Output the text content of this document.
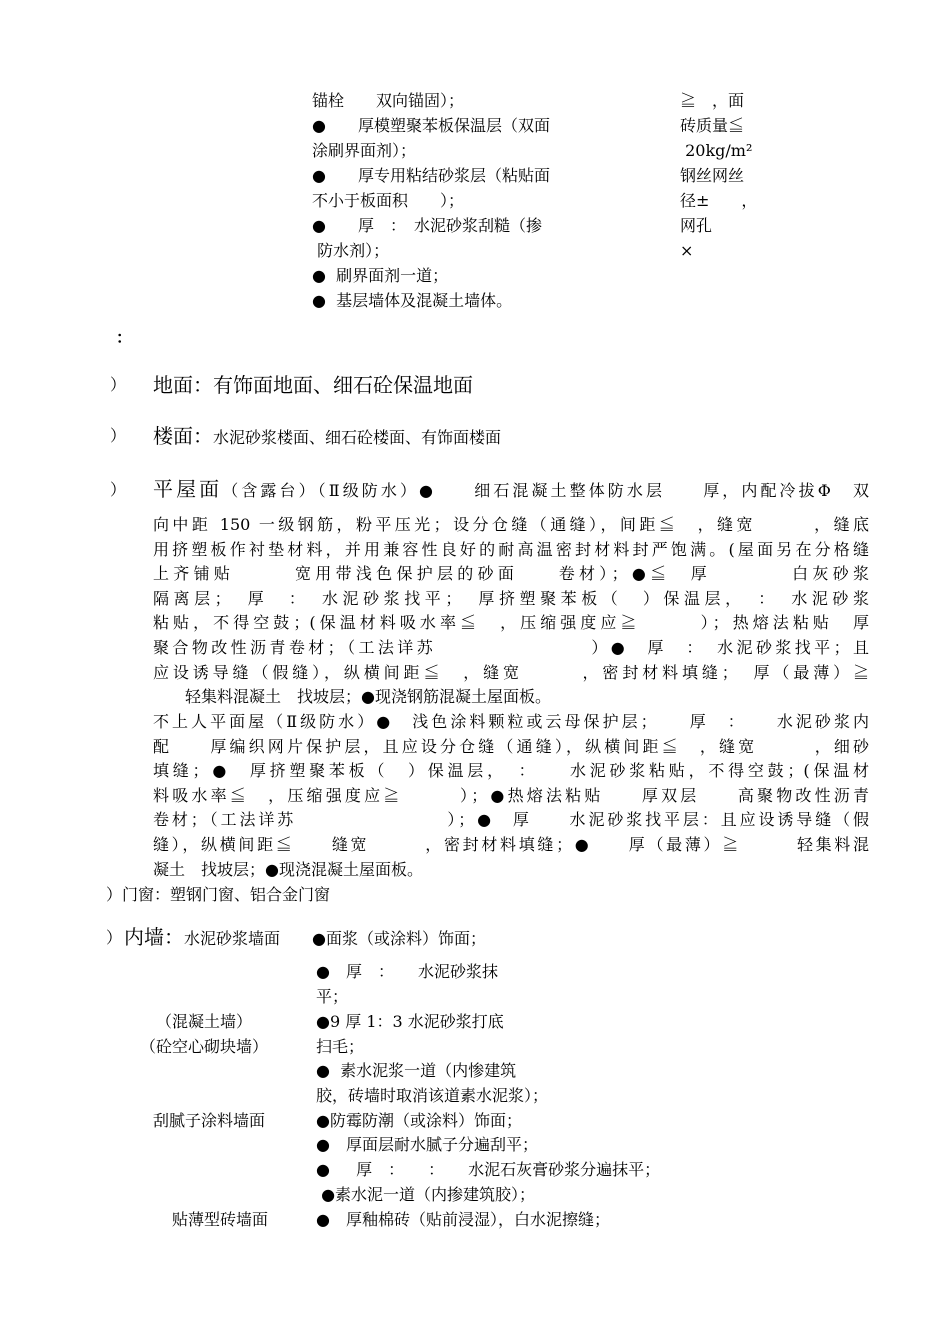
锚栓　　双向锚固）；
●　　厚模塑聚苯板保温层（双面
涂刷界面剂）；
●　　厚专用粘结砂浆层（粘贴面
不小于板面积　　）；
●　　厚　：　水泥砂浆刮糙（掺
防水剂）；
●  刷界面剂一道；
●  基层墙体及混凝土墙体。
≧　，面
砖质量≦
20kg/m²
钢丝网丝
径±　　，
网孔
×
：
） 地面：有饰面地面、细石砼保温地面
） 楼面：水泥砂浆楼面、细石砼楼面、有饰面楼面
） 平屋面（含露台）（Ⅱ级防水）●　　细石混凝土整体防水层　　厚，内配冷拔Φ　双
向中距 150 一级钢筋，粉平压光；设分仓缝（通缝），间距≦　，缝宽　　　，缝底
用挤塑板作衬垫材料，并用兼容性良好的耐高温密封材料封严饱满。(屋面另在分格缝
上齐铺贴　　　宽用带浅色保护层的砂面　　卷材）；●≦　厚　　　　白灰砂浆
隔离层；　厚　：　水泥砂浆找平；　厚挤塑聚苯板（　）保温层，　：　水泥砂浆
粘贴，不得空鼓；(保温材料吸水率≦　，压缩强度应≧　　　）；热熔法粘贴　厚
聚合物改性沥青卷材；（工法详苏　　　　　　　　）●　厚　：　水泥砂浆找平；且
应设诱导缝（假缝），纵横间距≦　，缝宽　　　，密封材料填缝；　厚（最薄）≧
　　轻集料混凝土　找坡层；●现浇钢筋混凝土屋面板。
不上人平面屋（Ⅱ级防水）●　浅色涂料颗粒或云母保护层；　　厚　：　　水泥砂浆内
配　　厚编织网片保护层，且应设分仓缝（通缝），纵横间距≦　，缝宽　　　，细砂
填缝；●　厚挤塑聚苯板（　）保温层，　：　　水泥砂浆粘贴，不得空鼓；(保温材
料吸水率≦　，压缩强度应≧　　　）；●热熔法粘贴　　厚双层　　高聚物改性沥青
卷材；（工法详苏　　　　　　　　）；●　厚　　水泥砂浆找平层：且应设诱导缝（假
缝），纵横间距≦　　缝宽　　　，密封材料填缝；●　　厚（最薄）≧　　　轻集料混
凝土　找坡层；●现浇混凝土屋面板。
）门窗：塑钢门窗、铝合金门窗
） 内墙：水泥砂浆墙面　　●面浆（或涂料）饰面；
●　厚　：　　水泥砂浆抹
平；
●9 厚 1：3 水泥砂浆打底
扫毛；
●  素水泥浆一道（内惨建筑
胶，砖墙时取消该道素水泥浆）；
●防霉防潮（或涂料）饰面；
●　厚面层耐水腻子分遍刮平；
●　  厚　：　　：　　水泥石灰膏砂浆分遍抹平；
●素水泥一道（内掺建筑胶）；
●　厚釉棉砖（贴前浸湿），白水泥擦缝；
（混凝土墙）
（砼空心砌块墙）
刮腻子涂料墙面
贴薄型砖墙面
